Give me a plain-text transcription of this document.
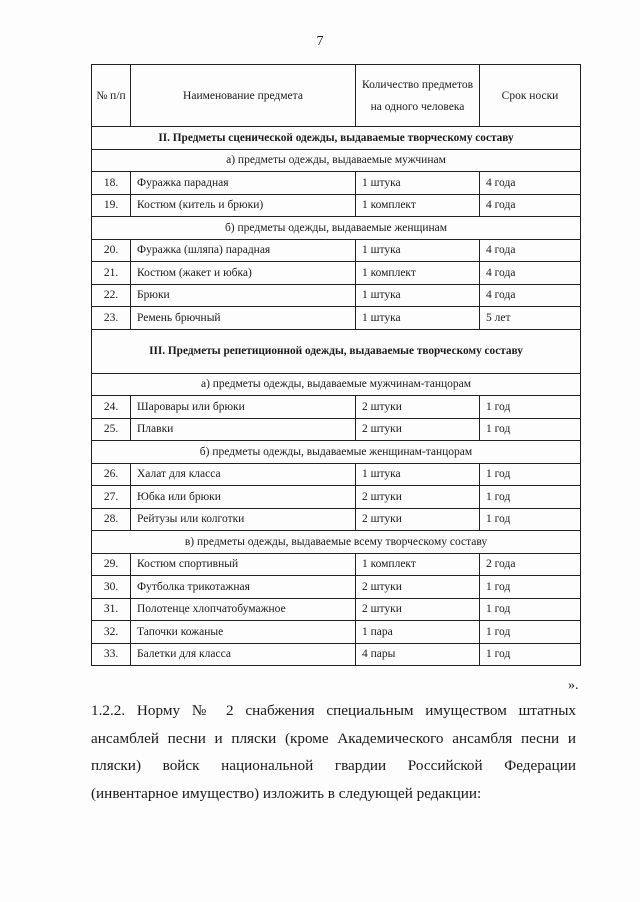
7
№ п/п	Наименование предмета	Количество предметов на одного человека	Срок носки
II. Предметы сценической одежды, выдаваемые творческому составу			
а) предметы одежды, выдаваемые мужчинам			
18.	Фуражка парадная	1 штука	4 года
19.	Костюм (китель и брюки)	1 комплект	4 года
б) предметы одежды, выдаваемые женщинам			
20.	Фуражка (шляпа) парадная	1 штука	4 года
21.	Костюм (жакет и юбка)	1 комплект	4 года
22.	Брюки	1 штука	4 года
23.	Ремень брючный	1 штука	5 лет
III. Предметы репетиционной одежды, выдаваемые творческому составу			
а) предметы одежды, выдаваемые мужчинам-танцорам			
24.	Шаровары или брюки	2 штуки	1 год
25.	Плавки	2 штуки	1 год
б) предметы одежды, выдаваемые женщинам-танцорам			
26.	Халат для класса	1 штука	1 год
27.	Юбка или брюки	2 штуки	1 год
28.	Рейтузы или колготки	2 штуки	1 год
в) предметы одежды, выдаваемые всему творческому составу			
29.	Костюм спортивный	1 комплект	2 года
30.	Футболка трикотажная	2 штуки	1 год
31.	Полотенце хлопчатобумажное	2 штуки	1 год
32.	Тапочки кожаные	1 пара	1 год
33.	Балетки для класса	4 пары	1 год
».

1.2.2. Норму № 2 снабжения специальным имуществом штатных ансамблей песни и пляски (кроме Академического ансамбля песни и пляски) войск национальной гвардии Российской Федерации (инвентарное имущество) изложить в следующей редакции:
